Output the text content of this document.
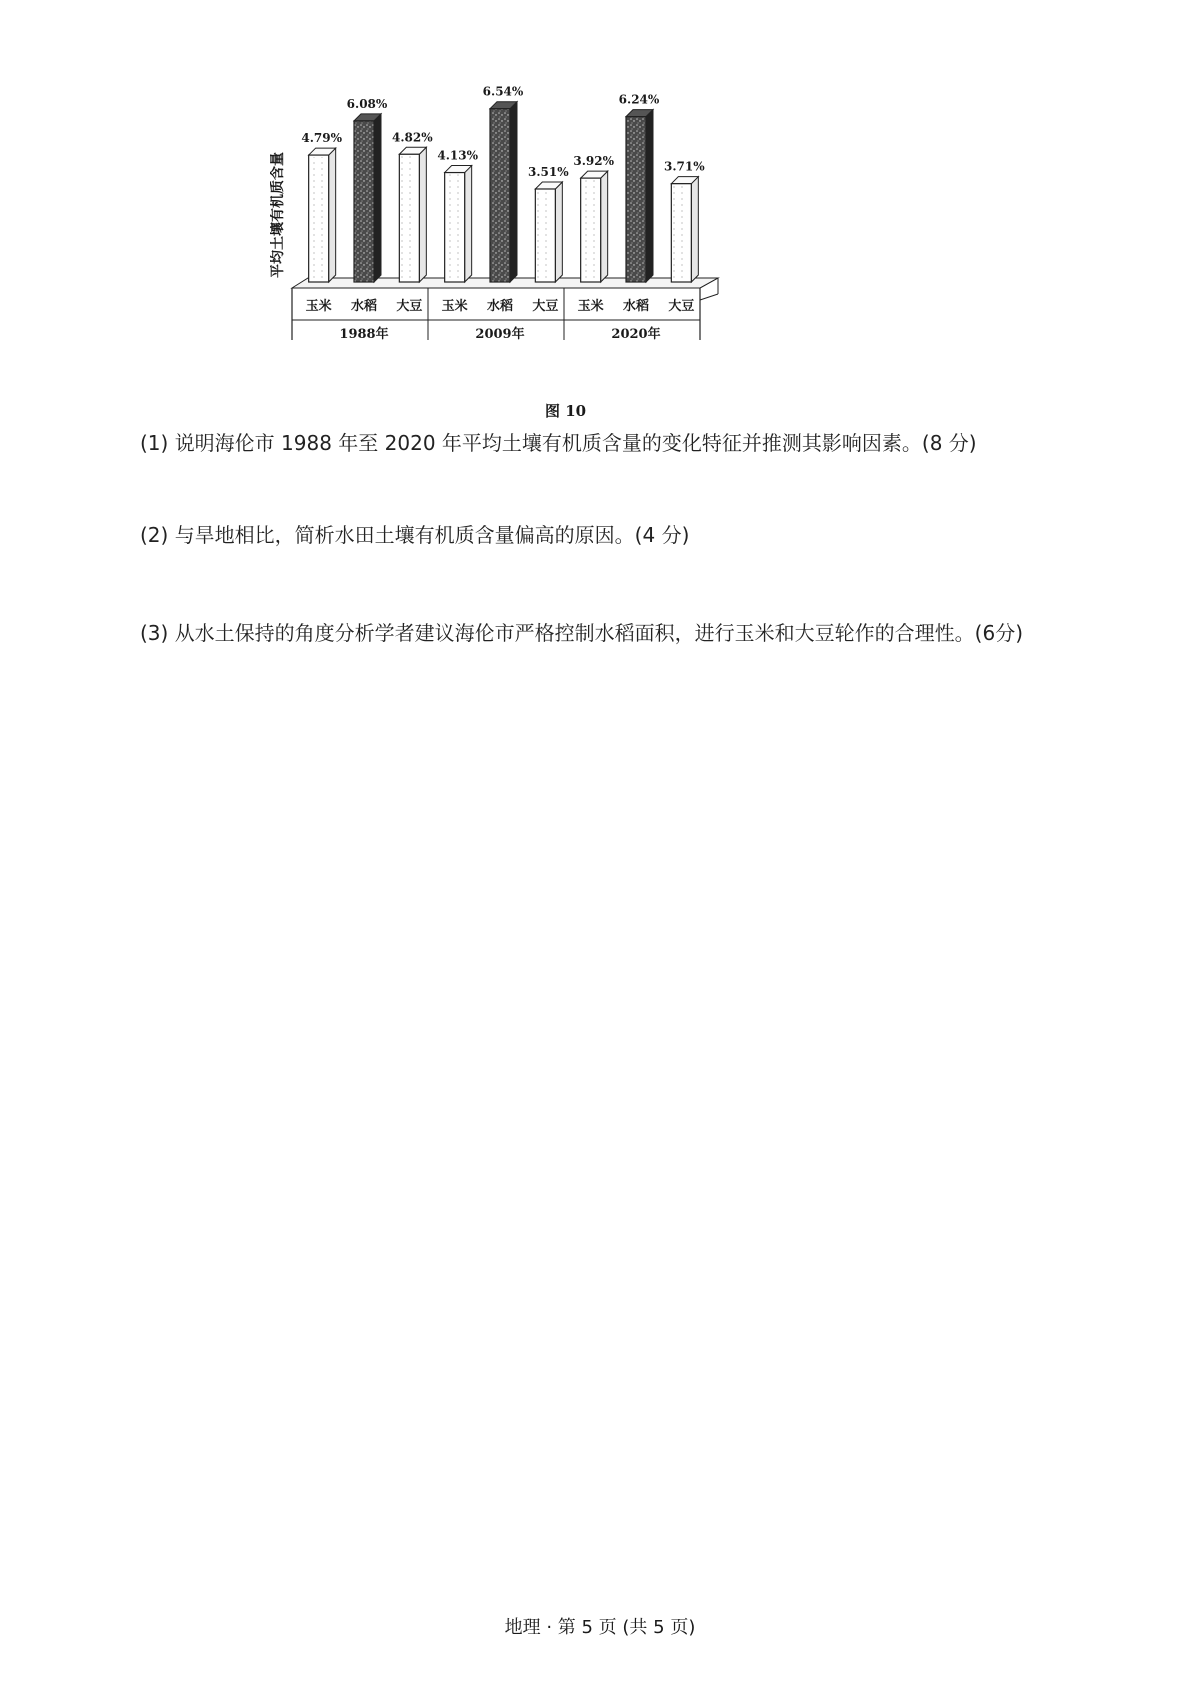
平均土壤有机质含量
4.79%
6.08%
4.82%
4.13%
6.54%
3.51%
3.92%
6.24%
3.71%
玉米 水稻 大豆
1988年
玉米 水稻 大豆
2009年
玉米 水稻 大豆
2020年
图 10
(1) 说明海伦市 1988 年至 2020 年平均土壤有机质含量的变化特征并推测其影响因素。(8 分)
(2) 与旱地相比，简析水田土壤有机质含量偏高的原因。(4 分)
(3) 从水土保持的角度分析学者建议海伦市严格控制水稻面积，进行玉米和大豆轮作的合理性。(6分)
地理 · 第 5 页 (共 5 页)
